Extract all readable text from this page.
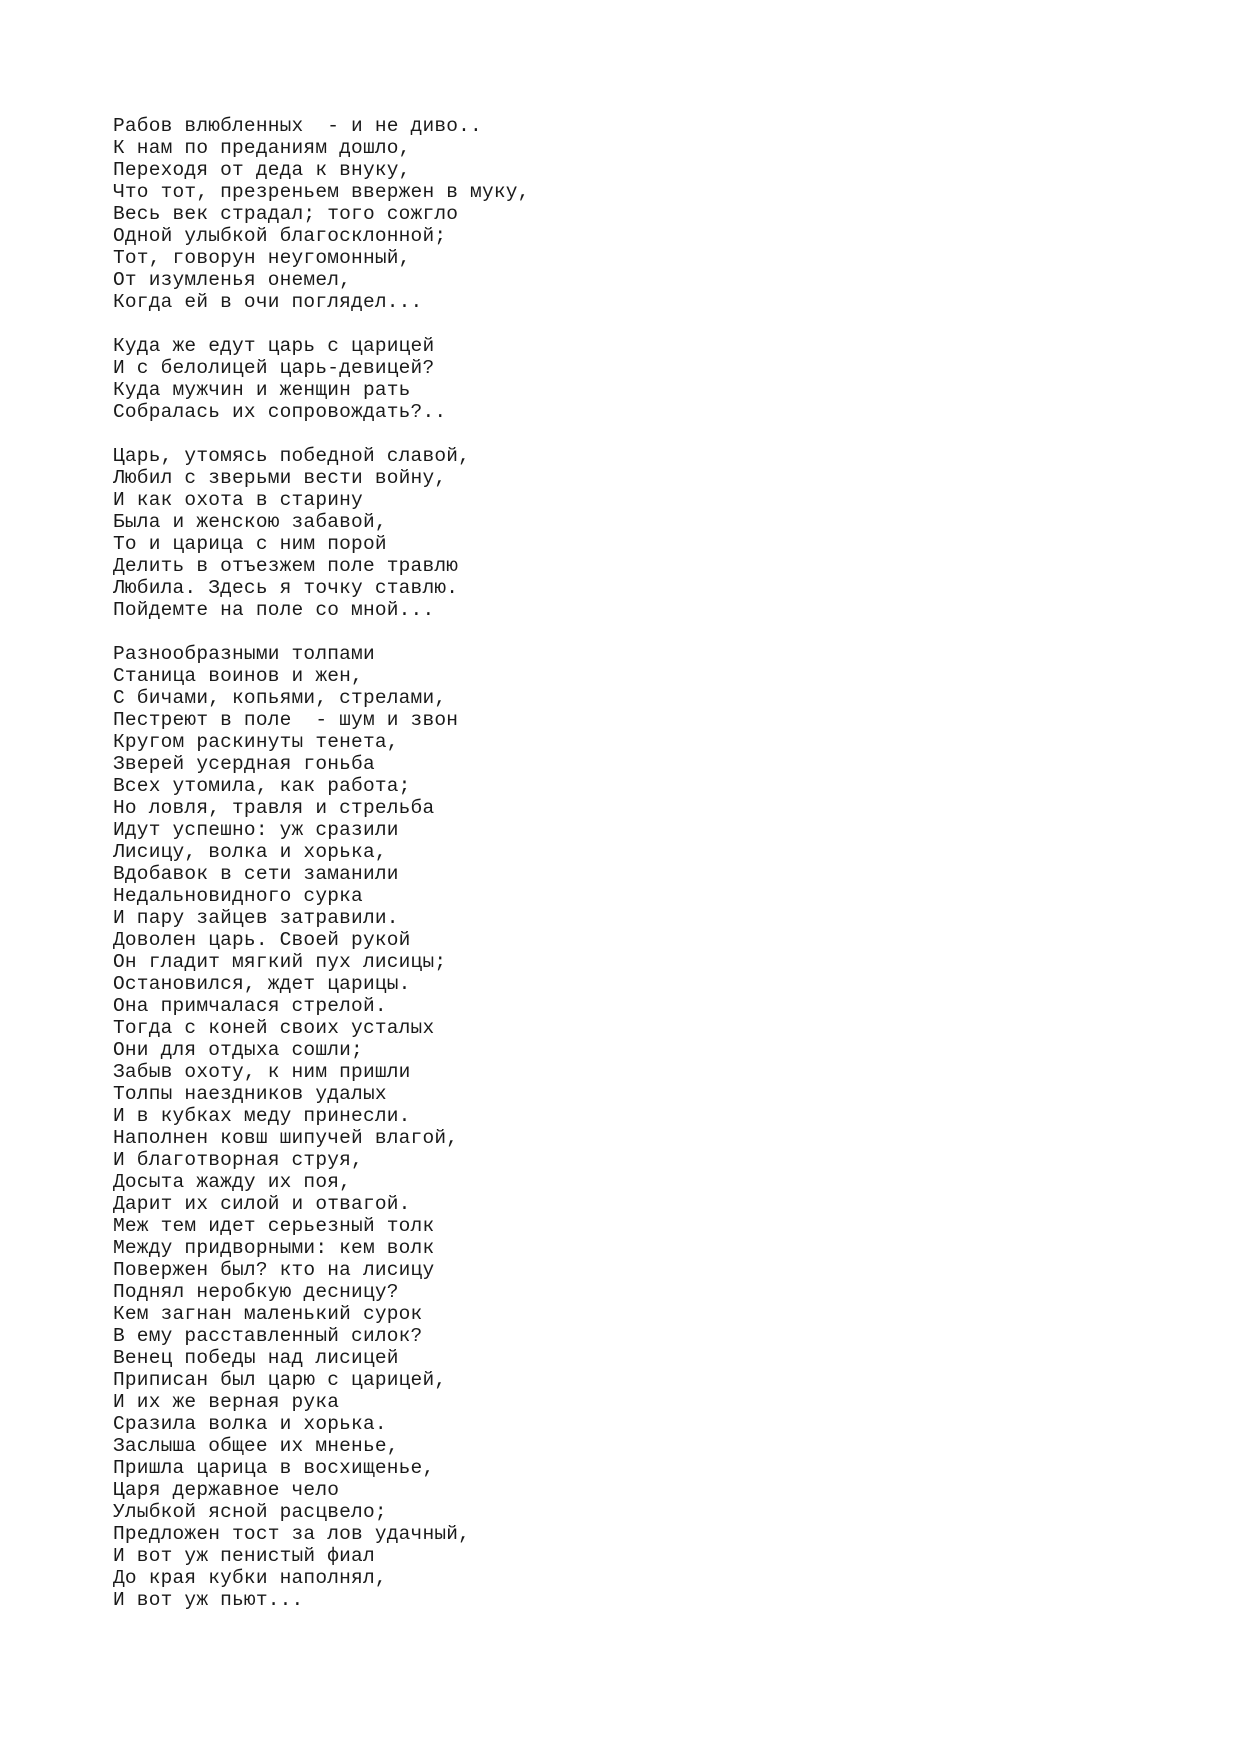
Рабов влюбленных  - и не диво..
К нам по преданиям дошло,
Переходя от деда к внуку,
Что тот, презреньем ввержен в муку,
Весь век страдал; того сожгло
Одной улыбкой благосклонной;
Тот, говорун неугомонный,
От изумленья онемел,
Когда ей в очи поглядел...
Куда же едут царь с царицей
И с белолицей царь-девицей?
Куда мужчин и женщин рать
Собралась их сопровождать?..
Царь, утомясь победной славой,
Любил с зверьми вести войну,
И как охота в старину
Была и женскою забавой,
То и царица с ним порой
Делить в отъезжем поле травлю
Любила. Здесь я точку ставлю.
Пойдемте на поле со мной...
Разнообразными толпами
Станица воинов и жен,
С бичами, копьями, стрелами,
Пестреют в поле  - шум и звон
Кругом раскинуты тенета,
Зверей усердная гоньба
Всех утомила, как работа;
Но ловля, травля и стрельба
Идут успешно: уж сразили
Лисицу, волка и хорька,
Вдобавок в сети заманили
Недальновидного сурка
И пару зайцев затравили.
Доволен царь. Своей рукой
Он гладит мягкий пух лисицы;
Остановился, ждет царицы.
Она примчалася стрелой.
Тогда с коней своих усталых
Они для отдыха сошли;
Забыв охоту, к ним пришли
Толпы наездников удалых
И в кубках меду принесли.
Наполнен ковш шипучей влагой,
И благотворная струя,
Досыта жажду их поя,
Дарит их силой и отвагой.
Меж тем идет серьезный толк
Между придворными: кем волк
Повержен был? кто на лисицу
Поднял неробкую десницу?
Кем загнан маленький сурок
В ему расставленный силок?
Венец победы над лисицей
Приписан был царю с царицей,
И их же верная рука
Сразила волка и хорька.
Заслыша общее их мненье,
Пришла царица в восхищенье,
Царя державное чело
Улыбкой ясной расцвело;
Предложен тост за лов удачный,
И вот уж пенистый фиал
До края кубки наполнял,
И вот уж пьют...
